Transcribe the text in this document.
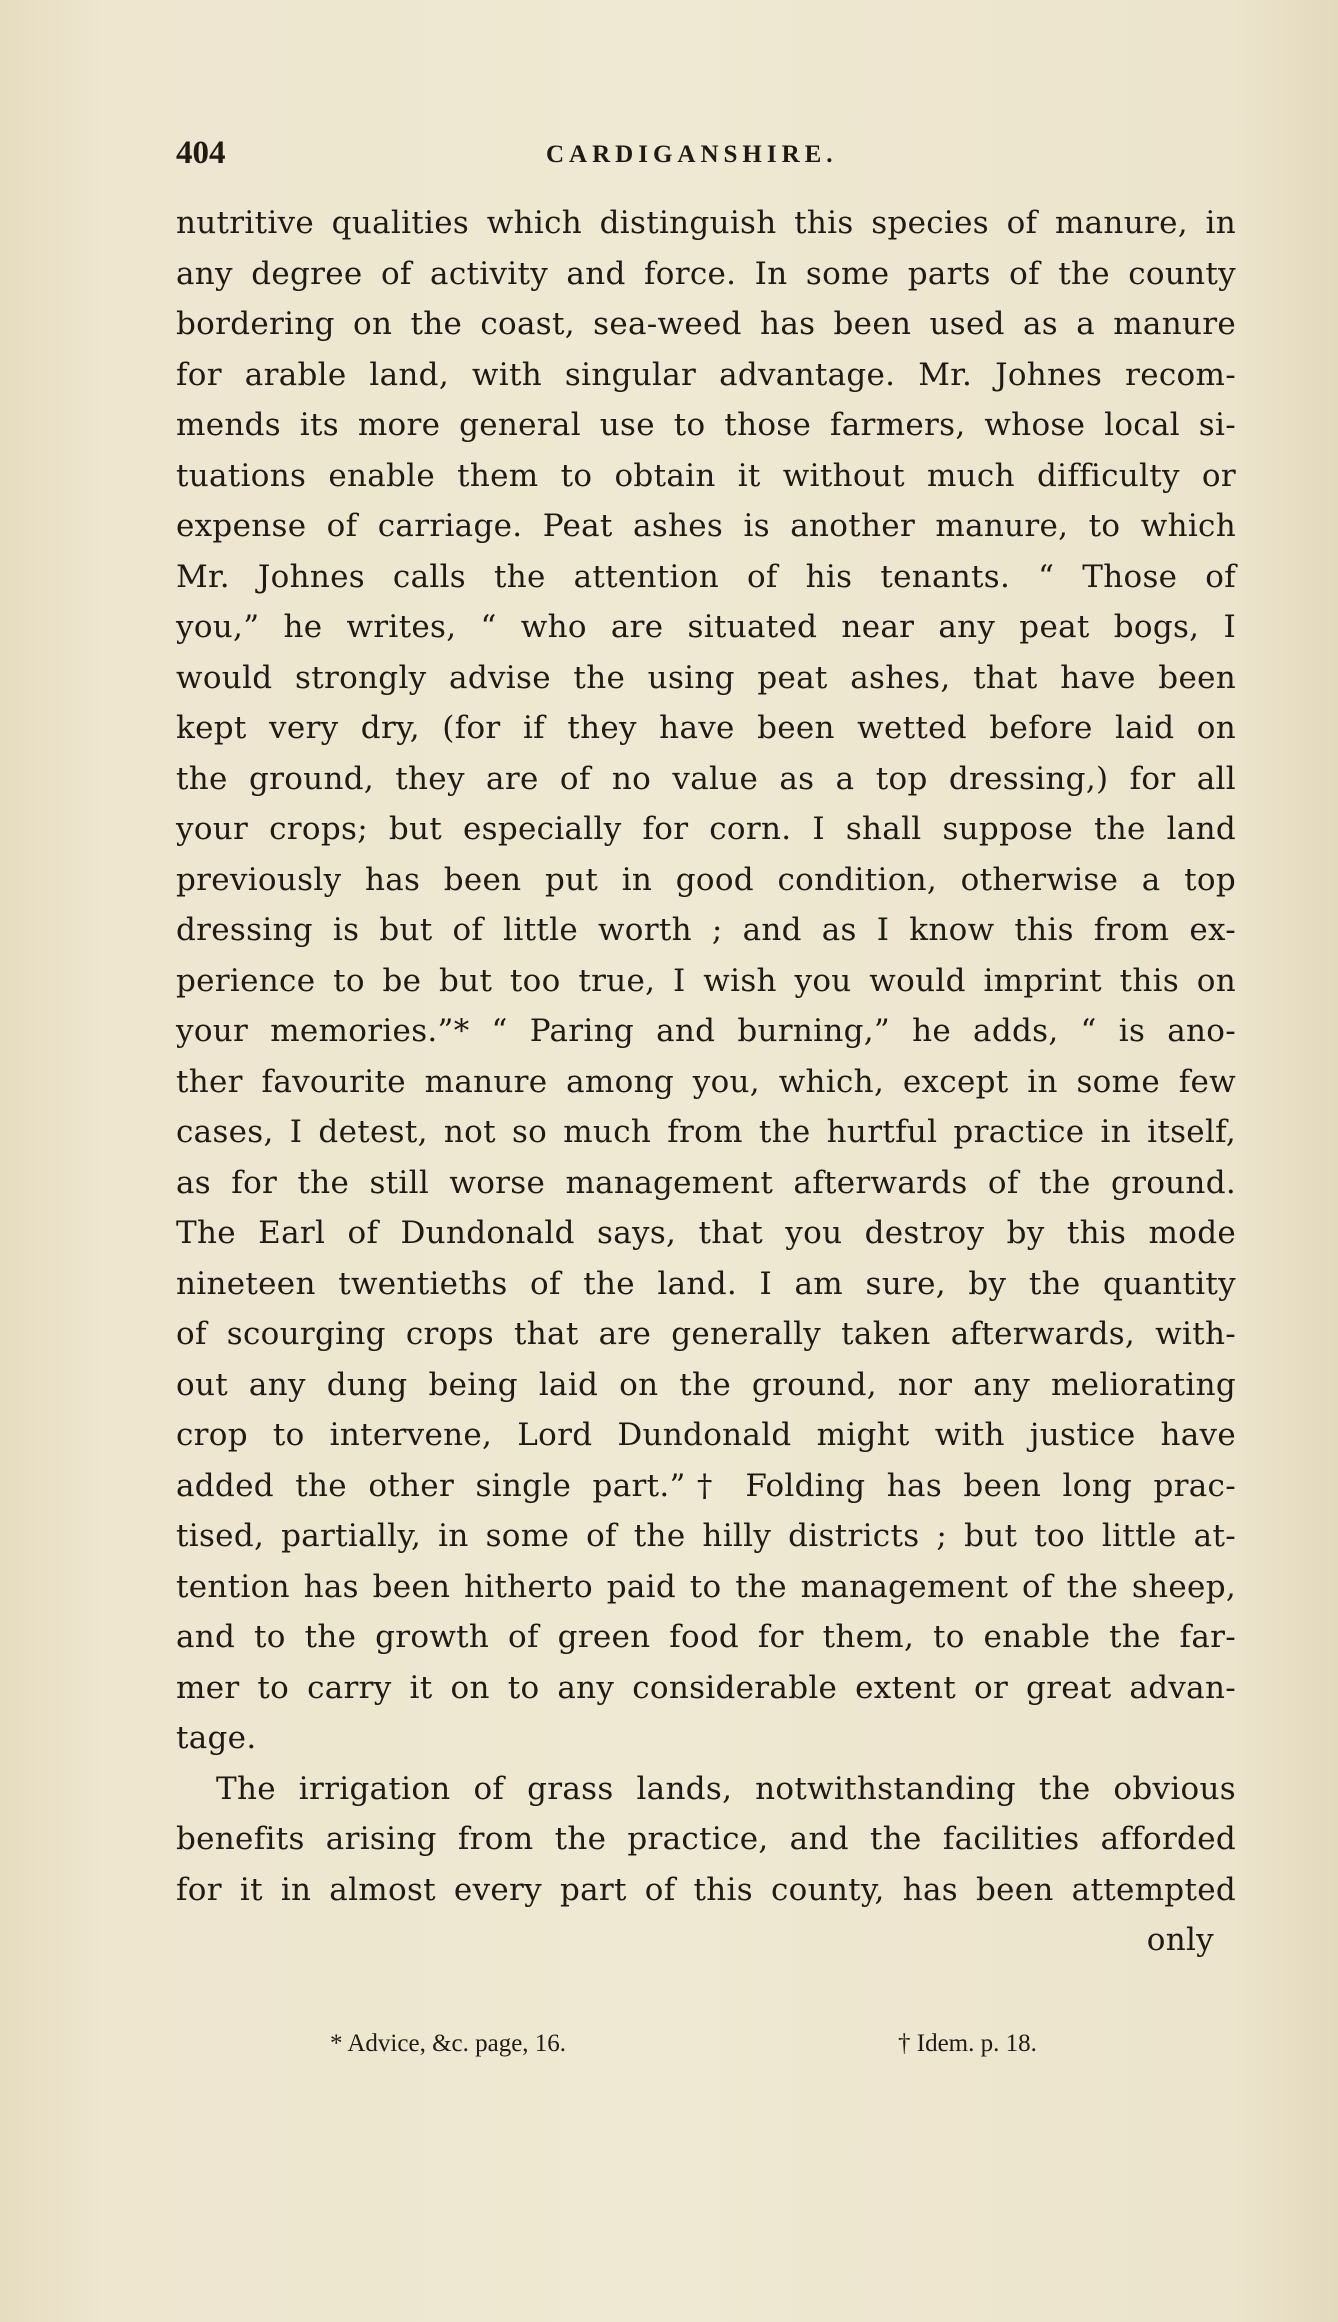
404	CARDIGANSHIRE.
nutritive qualities which distinguish this species of manure, in
any degree of activity and force. In some parts of the county
bordering on the coast, sea-weed has been used as a manure
for arable land, with singular advantage. Mr. Johnes recom-
mends its more general use to those farmers, whose local si-
tuations enable them to obtain it without much difficulty or
expense of carriage. Peat ashes is another manure, to which
Mr. Johnes calls the attention of his tenants. “ Those of
you,” he writes, “ who are situated near any peat bogs, I
would strongly advise the using peat ashes, that have been
kept very dry, (for if they have been wetted before laid on
the ground, they are of no value as a top dressing,) for all
your crops; but especially for corn. I shall suppose the land
previously has been put in good condition, otherwise a top
dressing is but of little worth ; and as I know this from ex-
perience to be but too true, I wish you would imprint this on
your memories.”* “ Paring and burning,” he adds, “ is ano-
ther favourite manure among you, which, except in some few
cases, I detest, not so much from the hurtful practice in itself,
as for the still worse management afterwards of the ground.
The Earl of Dundonald says, that you destroy by this mode
nineteen twentieths of the land. I am sure, by the quantity
of scourging crops that are generally taken afterwards, with-
out any dung being laid on the ground, nor any meliorating
crop to intervene, Lord Dundonald might with justice have
added the other single part.”† Folding has been long prac-
tised, partially, in some of the hilly districts ; but too little at-
tention has been hitherto paid to the management of the sheep,
and to the growth of green food for them, to enable the far-
mer to carry it on to any considerable extent or great advan-
tage.
The irrigation of grass lands, notwithstanding the obvious
benefits arising from the practice, and the facilities afforded
for it in almost every part of this county, has been attempted
only
* Advice, &c. page, 16.	† Idem. p. 18.
